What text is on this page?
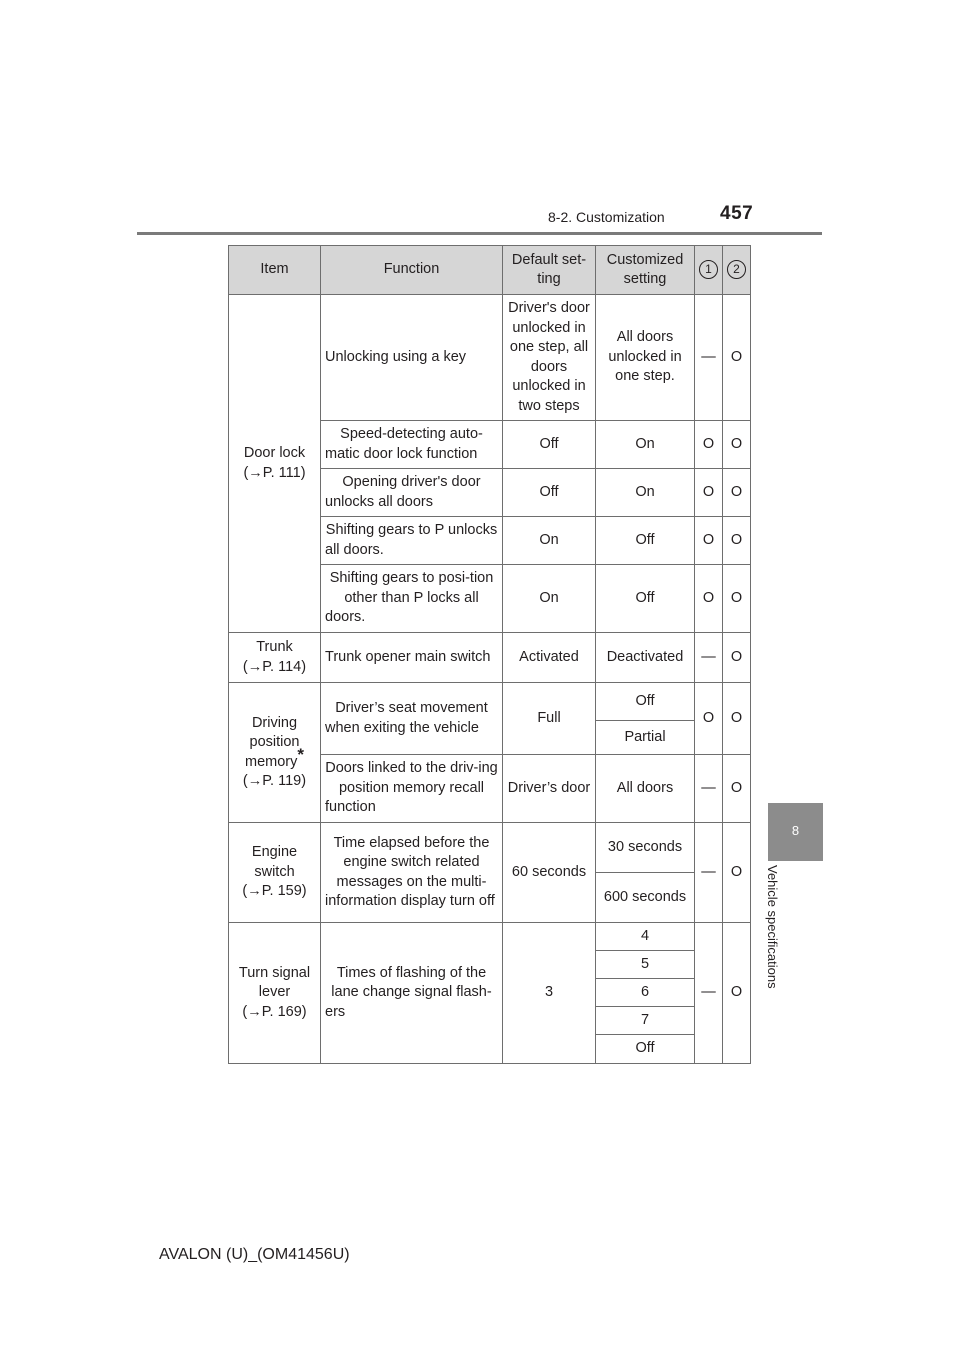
8-2. Customization	457
8
Vehicle specifications
Item	Function	Default set-ting	Customized setting	1	2

Door lock
(→P. 111)	Unlocking using a key	Driver's door unlocked in one step, all doors unlocked in two steps	All doors unlocked in one step.	—	O
	Speed-detecting auto-matic door lock function	Off	On	O	O
	Opening driver's door unlocks all doors	Off	On	O	O
	Shifting gears to P unlocks all doors.	On	Off	O	O
	Shifting gears to posi-tion other than P locks all doors.	On	Off	O	O

Trunk
(→P. 114)	Trunk opener main switch	Activated	Deactivated	—	O

Driving position memory*
(→P. 119)	Driver’s seat movement when exiting the vehicle	Full	Off	O	O
			Partial		
	Doors linked to the driv-ing position memory recall function	Driver’s door	All doors	—	O

Engine switch
(→P. 159)	Time elapsed before the engine switch related messages on the multi-information display turn off	60 seconds	30 seconds	—	O
			600 seconds		

Turn signal lever
(→P. 169)	Times of flashing of the lane change signal flash-ers	3	4	—	O
			5		
			6		
			7		
			Off		
AVALON (U)_(OM41456U)
